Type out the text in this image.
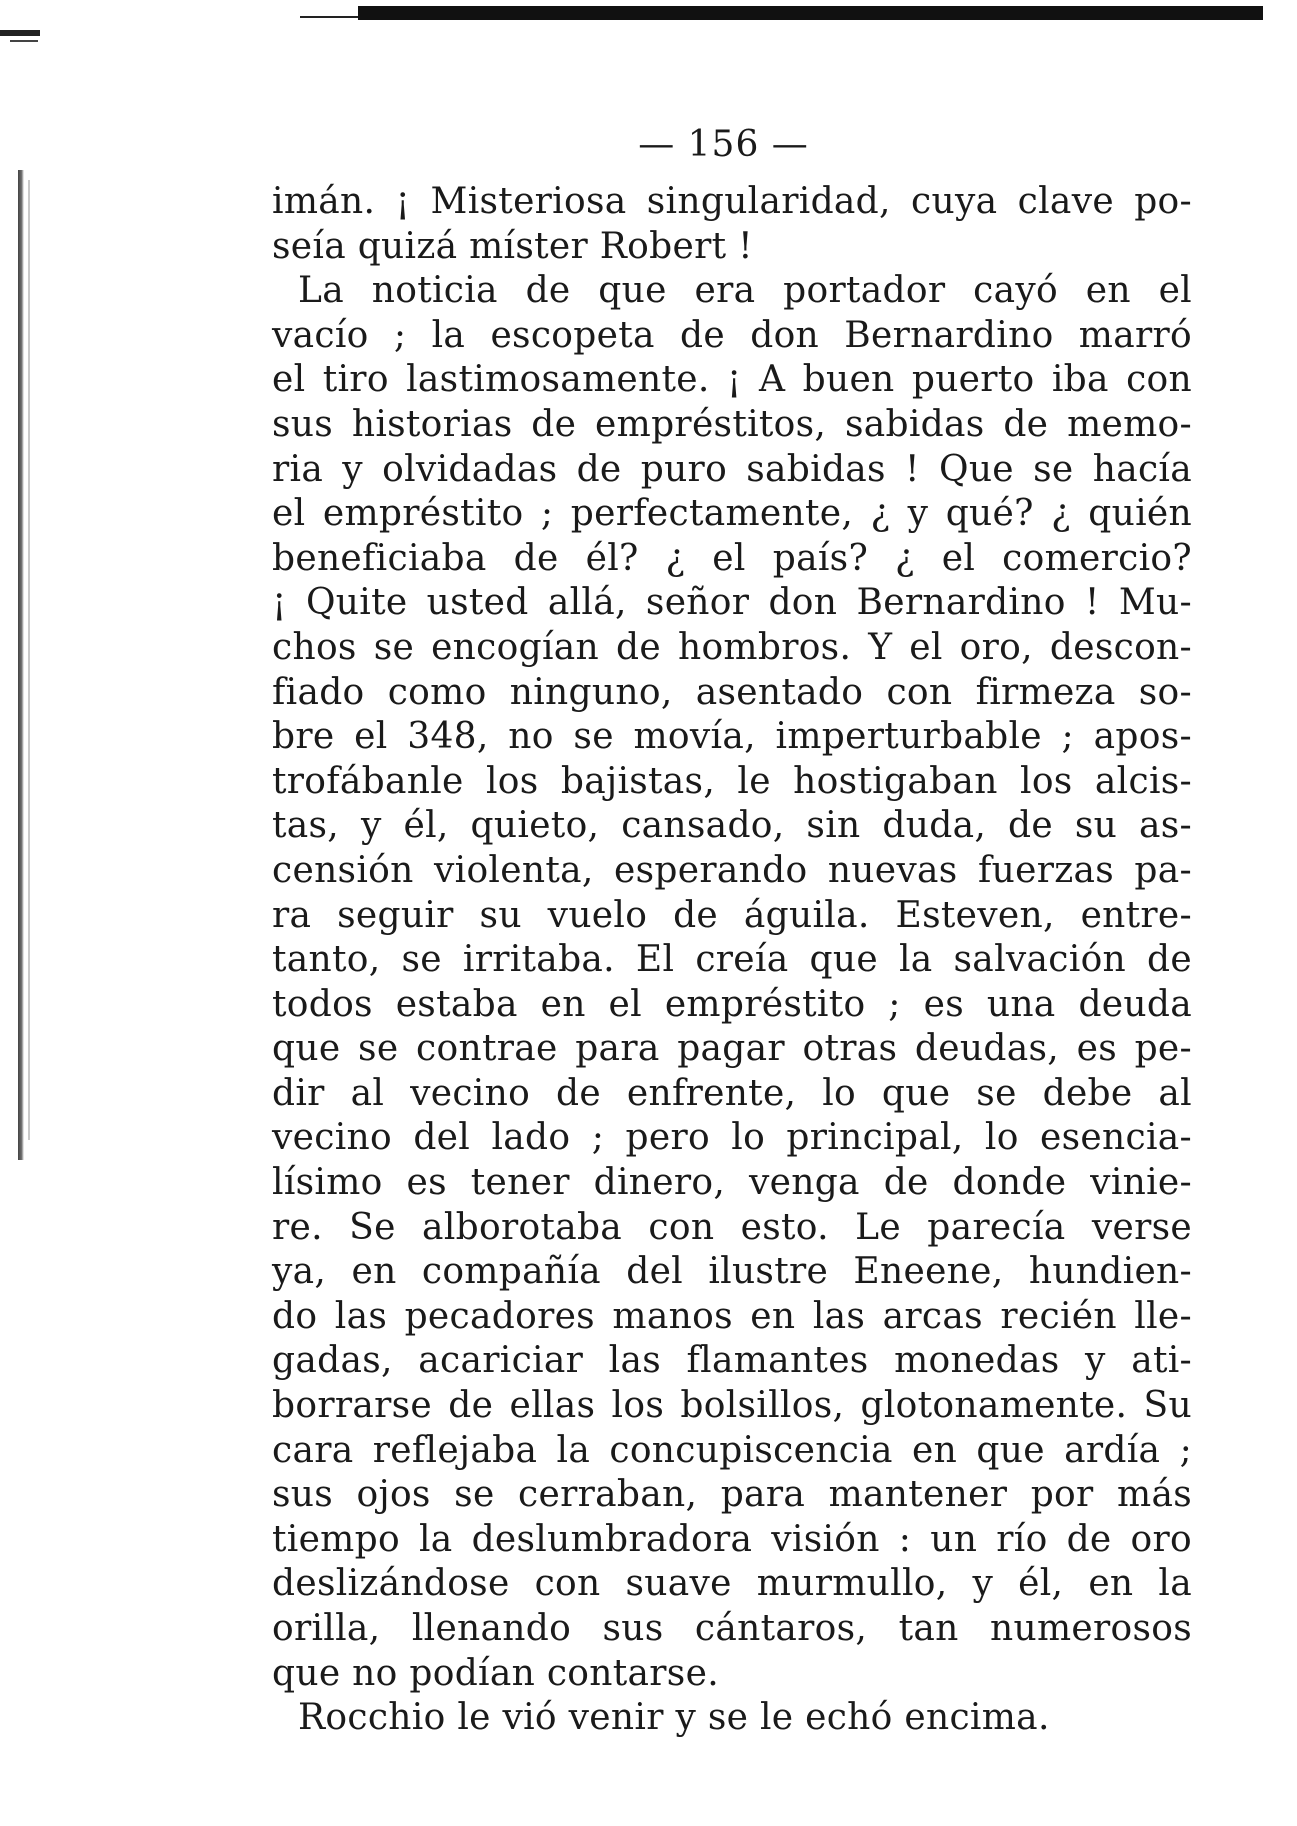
— 156 —
imán. ¡ Misteriosa singularidad, cuya clave po-
seía quizá míster Robert !
La noticia de que era portador cayó en el
vacío ; la escopeta de don Bernardino marró
el tiro lastimosamente. ¡ A buen puerto iba con
sus historias de empréstitos, sabidas de memo-
ria y olvidadas de puro sabidas ! Que se hacía
el empréstito ; perfectamente, ¿ y qué? ¿ quién
beneficiaba de él? ¿ el país? ¿ el comercio?
¡ Quite usted allá, señor don Bernardino ! Mu-
chos se encogían de hombros. Y el oro, descon-
fiado como ninguno, asentado con firmeza so-
bre el 348, no se movía, imperturbable ; apos-
trofábanle los bajistas, le hostigaban los alcis-
tas, y él, quieto, cansado, sin duda, de su as-
censión violenta, esperando nuevas fuerzas pa-
ra seguir su vuelo de águila. Esteven, entre-
tanto, se irritaba. El creía que la salvación de
todos estaba en el empréstito ; es una deuda
que se contrae para pagar otras deudas, es pe-
dir al vecino de enfrente, lo que se debe al
vecino del lado ; pero lo principal, lo esencia-
lísimo es tener dinero, venga de donde vinie-
re. Se alborotaba con esto. Le parecía verse
ya, en compañía del ilustre Eneene, hundien-
do las pecadores manos en las arcas recién lle-
gadas, acariciar las flamantes monedas y ati-
borrarse de ellas los bolsillos, glotonamente. Su
cara reflejaba la concupiscencia en que ardía ;
sus ojos se cerraban, para mantener por más
tiempo la deslumbradora visión : un río de oro
deslizándose con suave murmullo, y él, en la
orilla, llenando sus cántaros, tan numerosos
que no podían contarse.
Rocchio le vió venir y se le echó encima.
